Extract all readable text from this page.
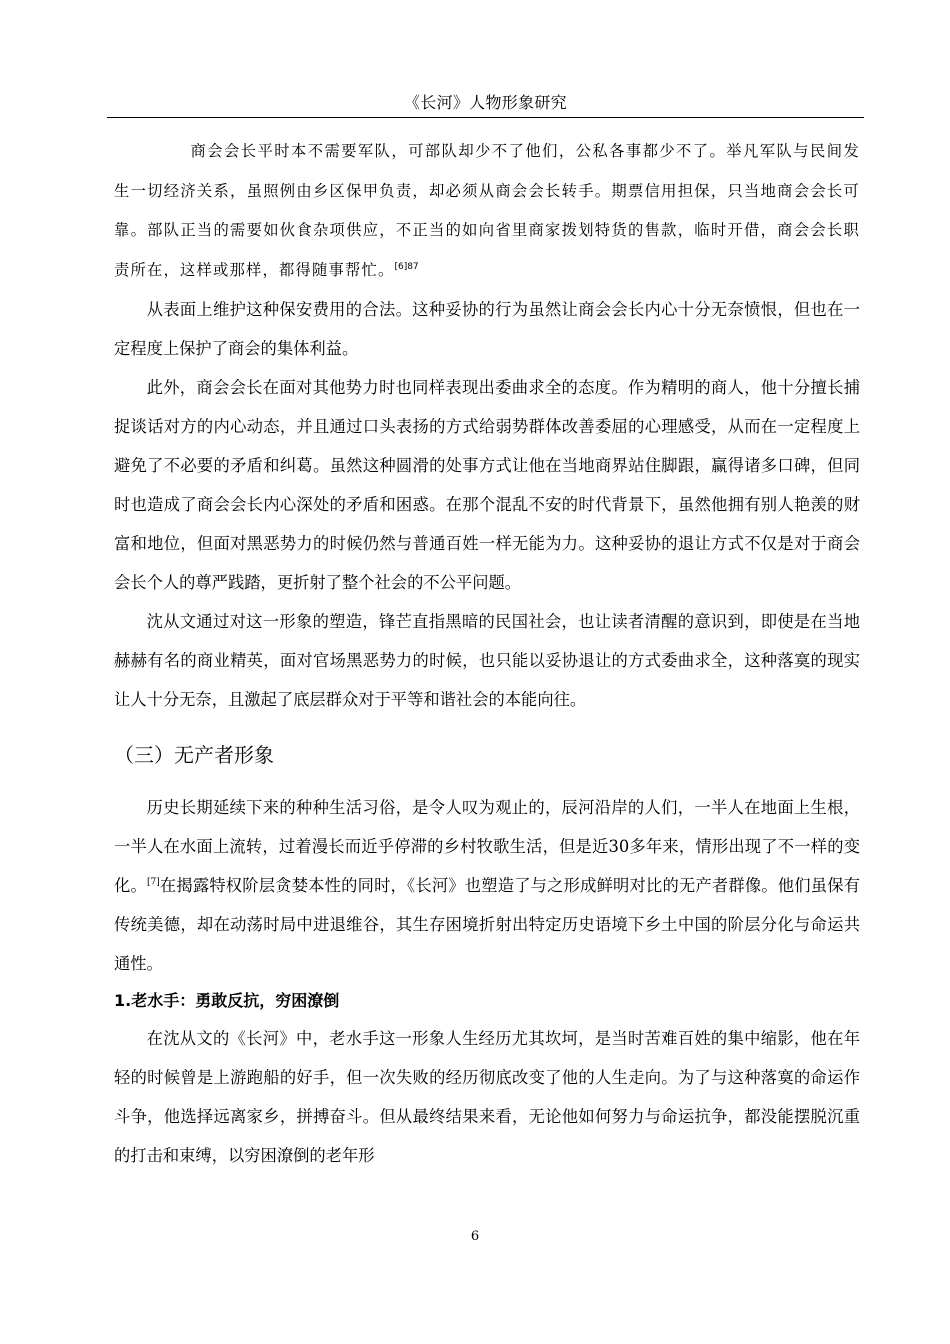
《长河》人物形象研究

商会会长平时本不需要军队，可部队却少不了他们，公私各事都少不了。举凡军队与民间发生一切经济关系，虽照例由乡区保甲负责，却必须从商会会长转手。期票信用担保，只当地商会会长可靠。部队正当的需要如伙食杂项供应，不正当的如向省里商家拨划特货的售款，临时开借，商会会长职责所在，这样或那样，都得随事帮忙。$^{[6]87}$

从表面上维护这种保安费用的合法。这种妥协的行为虽然让商会会长内心十分无奈愤恨，但也在一定程度上保护了商会的集体利益。

此外，商会会长在面对其他势力时也同样表现出委曲求全的态度。作为精明的商人，他十分擅长捕捉谈话对方的内心动态，并且通过口头表扬的方式给弱势群体改善委屈的心理感受，从而在一定程度上避免了不必要的矛盾和纠葛。虽然这种圆滑的处事方式让他在当地商界站住脚跟，赢得诸多口碑，但同时也造成了商会会长内心深处的矛盾和困惑。在那个混乱不安的时代背景下，虽然他拥有别人艳羡的财富和地位，但面对黑恶势力的时候仍然与普通百姓一样无能为力。这种妥协的退让方式不仅是对于商会会长个人的尊严践踏，更折射了整个社会的不公平问题。

沈从文通过对这一形象的塑造，锋芒直指黑暗的民国社会，也让读者清醒的意识到，即使是在当地赫赫有名的商业精英，面对官场黑恶势力的时候，也只能以妥协退让的方式委曲求全，这种落寞的现实让人十分无奈，且激起了底层群众对于平等和谐社会的本能向往。

（三）无产者形象

历史长期延续下来的种种生活习俗，是令人叹为观止的，辰河沿岸的人们，一半人在地面上生根，一半人在水面上流转，过着漫长而近乎停滞的乡村牧歌生活，但是近30多年来，情形出现了不一样的变化。[7]在揭露特权阶层贪婪本性的同时，《长河》也塑造了与之形成鲜明对比的无产者群像。他们虽保有传统美德，却在动荡时局中进退维谷，其生存困境折射出特定历史语境下乡土中国的阶层分化与命运共通性。

1.老水手：勇敢反抗，穷困潦倒

在沈从文的《长河》中，老水手这一形象人生经历尤其坎坷，是当时苦难百姓的集中缩影，他在年轻的时候曾是上游跑船的好手，但一次失败的经历彻底改变了他的人生走向。为了与这种落寞的命运作斗争，他选择远离家乡，拼搏奋斗。但从最终结果来看，无论他如何努力与命运抗争，都没能摆脱沉重的打击和束缚，以穷困潦倒的老年形

6
